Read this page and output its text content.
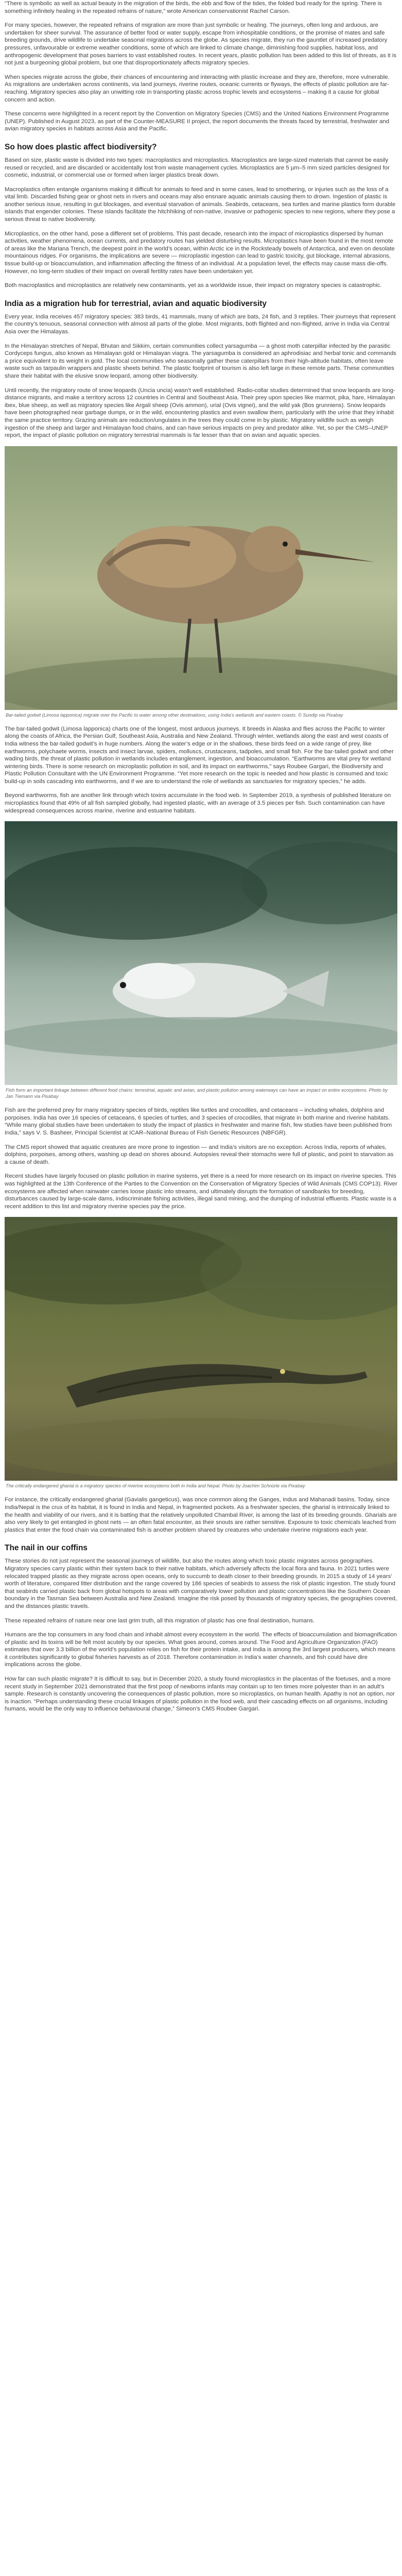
“There is symbolic as well as actual beauty in the migration of the birds, the ebb and flow of the tides, the folded bud ready for the spring. There is something infinitely healing in the repeated refrains of nature,” wrote American conservationist Rachel Carson.

For many species, however, the repeated refrains of migration are more than just symbolic or healing. The journeys, often long and arduous, are undertaken for sheer survival. The assurance of better food or water supply, escape from inhospitable conditions, or the promise of mates and safe breeding grounds, drive wildlife to undertake seasonal migrations across the globe. As species migrate, they run the gauntlet of increased predatory pressures, unfavourable or extreme weather conditions, some of which are linked to climate change, diminishing food supplies, habitat loss, and anthropogenic development that poses barriers to vast established routes. In recent years, plastic pollution has been added to this list of threats, as it is not just a burgeoning global problem, but one that disproportionately affects migratory species.

When species migrate across the globe, their chances of encountering and interacting with plastic increase and they are, therefore, more vulnerable. As migrations are undertaken across continents, via land journeys, riverine routes, oceanic currents or flyways, the effects of plastic pollution are far-reaching. Migratory species also play an unwitting role in transporting plastic across trophic levels and ecosystems – making it a cause for global concern and action.

These concerns were highlighted in a recent report by the Convention on Migratory Species (CMS) and the United Nations Environment Programme (UNEP). Published in August 2023, as part of the Counter-MEASURE II project, the report documents the threats faced by terrestrial, freshwater and avian migratory species in habitats across Asia and the Pacific.

So how does plastic affect biodiversity?

Based on size, plastic waste is divided into two types: macroplastics and microplastics. Macroplastics are large-sized materials that cannot be easily reused or recycled, and are discarded or accidentally lost from waste management cycles. Microplastics are 5 µm–5 mm sized particles designed for cosmetic, industrial, or commercial use or formed when larger plastics break down.

Macroplastics often entangle organisms making it difficult for animals to feed and in some cases, lead to smothering, or injuries such as the loss of a vital limb. Discarded fishing gear or ghost nets in rivers and oceans may also ensnare aquatic animals causing them to drown. Ingestion of plastic is another serious issue, resulting in gut blockages, and eventual starvation of animals. Seabirds, cetaceans, sea turtles and marine plastics form durable islands that engender colonies. These islands facilitate the hitchhiking of non-native, invasive or pathogenic species to new regions, where they pose a serious threat to native biodiversity.

Microplastics, on the other hand, pose a different set of problems. This past decade, research into the impact of microplastics dispersed by human activities, weather phenomena, ocean currents, and predatory routes has yielded disturbing results. Microplastics have been found in the most remote of areas like the Mariana Trench, the deepest point in the world’s ocean, within Arctic ice in the Rocksteady bowels of Antarctica, and even on desolate mountainous ridges. For organisms, the implications are severe — microplastic ingestion can lead to gastric toxicity, gut blockage, internal abrasions, tissue build-up or bioaccumulation, and inflammation affecting the fitness of an individual. At a population level, the effects may cause mass die-offs. However, no long-term studies of their impact on overall fertility rates have been undertaken yet.

Both macroplastics and microplastics are relatively new contaminants, yet as a worldwide issue, their impact on migratory species is catastrophic.

India as a migration hub for terrestrial, avian and aquatic biodiversity

Every year, India receives 457 migratory species: 383 birds, 41 mammals, many of which are bats, 24 fish, and 3 reptiles. Their journeys that represent the country’s tenuous, seasonal connection with almost all parts of the globe. Most migrants, both flighted and non-flighted, arrive in India via Central Asia over the Himalayas.

In the Himalayan stretches of Nepal, Bhutan and Sikkim, certain communities collect yarsagumba — a ghost moth caterpillar infected by the parasitic Cordyceps fungus, also known as Himalayan gold or Himalayan viagra. The yarsagumba is considered an aphrodisiac and herbal tonic and commands a price equivalent to its weight in gold. The local communities who seasonally gather these caterpillars from their high-altitude habitats, often leave waste such as tarpaulin wrappers and plastic sheets behind. The plastic footprint of tourism is also left large in these remote parts. These communities share their habitat with the elusive snow leopard, among other biodiversity.

Until recently, the migratory route of snow leopards (Uncia uncia) wasn’t well established. Radio-collar studies determined that snow leopards are long-distance migrants, and make a territory across 12 countries in Central and Southeast Asia. Their prey upon species like marmot, pika, hare, Himalayan ibex, blue sheep, as well as migratory species like Argali sheep (Ovis ammon), urial (Ovis vignei), and the wild yak (Bos grunniens). Snow leopards have been photographed near garbage dumps, or in the wild, encountering plastics and even swallow them, particularly with the urine that they inhabit the same practice territory. Grazing animals are reduction/ungulates in the trees they could come in by plastic. Migratory wildlife such as weigh ingestion of the sheep and larger and Himalayan food chains, and can have serious impacts on prey and predator alike. Yet, so per the CMS–UNEP report, the impact of plastic pollution on migratory terrestrial mammals is far lesser than that on avian and aquatic species.

Bar-tailed godwit (Limosa lapponica) migrate over the Pacific to water among other destinations, using India’s wetlands and eastern coasts. © Sundip via Pixabay

The bar-tailed godwit (Limosa lapponica) charts one of the longest, most arduous journeys. It breeds in Alaska and flies across the Pacific to winter along the coasts of Africa, the Persian Gulf, Southeast Asia, Australia and New Zealand. Through winter, wetlands along the east and west coasts of India witness the bar-tailed godwit’s in huge numbers. Along the water’s edge or in the shallows, these birds feed on a wide range of prey, like earthworms, polychaete worms, insects and insect larvae, spiders, molluscs, crustaceans, tadpoles, and small fish. For the bar-tailed godwit and other wading birds, the threat of plastic pollution in wetlands includes entanglement, ingestion, and bioaccumulation. “Earthworms are vital prey for wetland wintering birds. There is some research on microplastic pollution in soil, and its impact on earthworms,” says Roubee Gargari, the Biodiversity and Plastic Pollution Consultant with the UN Environment Programme. “Yet more research on the topic is needed and how plastic is consumed and toxic build-up in soils cascading into earthworms, and if we are to understand the role of wetlands as sanctuaries for migratory species,” he adds.

Beyond earthworms, fish are another link through which toxins accumulate in the food web. In September 2019, a synthesis of published literature on microplastics found that 49% of all fish sampled globally, had ingested plastic, with an average of 3.5 pieces per fish. Such contamination can have widespread consequences across marine, riverine and estuarine habitats.

Fish form an important linkage between different food chains: terrestrial, aquatic and avian, and plastic pollution among waterways can have an impact on entire ecosystems. Photo by Jan Tiemann via Pixabay

Fish are the preferred prey for many migratory species of birds, reptiles like turtles and crocodiles, and cetaceans – including whales, dolphins and porpoises. India has over 16 species of cetaceans, 6 species of turtles, and 3 species of crocodiles, that migrate in both marine and riverine habitats. “While many global studies have been undertaken to study the impact of plastics in freshwater and marine fish, few studies have been published from India,” says V. S. Basheer, Principal Scientist at ICAR–National Bureau of Fish Genetic Resources (NBFGR).

The CMS report showed that aquatic creatures are more prone to ingestion — and India’s visitors are no exception. Across India, reports of whales, dolphins, porpoises, among others, washing up dead on shores abound. Autopsies reveal their stomachs were full of plastic, and point to starvation as a cause of death.

Recent studies have largely focused on plastic pollution in marine systems, yet there is a need for more research on its impact on riverine species. This was highlighted at the 13th Conference of the Parties to the Convention on the Conservation of Migratory Species of Wild Animals (CMS COP13). River ecosystems are affected when rainwater carries loose plastic into streams, and ultimately disrupts the formation of sandbanks for breeding, disturbances caused by large-scale dams, indiscriminate fishing activities, illegal sand mining, and the dumping of industrial effluents. Plastic waste is a recent addition to this list and migratory riverine species pay the price.

The critically endangered gharial is a migratory species of riverine ecosystems both in India and Nepal. Photo by Joachim Schnürle via Pixabay

For instance, the critically endangered gharial (Gavialis gangeticus), was once common along the Ganges, Indus and Mahanadi basins. Today, since India/Nepal is the crux of its habitat, it is found in India and Nepal, in fragmented pockets. As a freshwater species, the gharial is intrinsically linked to the health and viability of our rivers, and it is batting that the relatively unpolluted Chambal River, is among the last of its breeding grounds. Gharials are also very likely to get entangled in ghost nets — an often fatal encounter, as their snouts are rather sensitive. Exposure to toxic chemicals leached from plastics that enter the food chain via contaminated fish is another problem shared by creatures who undertake riverine migrations each year.

The nail in our coffins

These stories do not just represent the seasonal journeys of wildlife, but also the routes along which toxic plastic migrates across geographies. Migratory species carry plastic within their system back to their native habitats, which adversely affects the local flora and fauna. In 2021 turtles were relocated trapped plastic as they migrate across open oceans, only to succumb to death closer to their breeding grounds. In 2015 a study of 14 years’ worth of literature, compared litter distribution and the range covered by 186 species of seabirds to assess the risk of plastic ingestion. The study found that seabirds carried plastic back from global hotspots to areas with comparatively lower pollution and plastic concentrations like the Southern Ocean boundary in the Tasman Sea between Australia and New Zealand. Imagine the risk posed by thousands of migratory species, the geographies covered, and the distances plastic travels.

These repeated refrains of nature near one last grim truth, all this migration of plastic has one final destination, humans.

Humans are the top consumers in any food chain and inhabit almost every ecosystem in the world. The effects of bioaccumulation and biomagnification of plastic and its toxins will be felt most acutely by our species. What goes around, comes around. The Food and Agriculture Organization (FAO) estimates that over 3.3 billion of the world’s population relies on fish for their protein intake, and India is among the 3rd largest producers, which means it contributes significantly to global fisheries harvests as of 2018. Therefore contamination in India’s water channels, and fish could have dire implications across the globe.

How far can such plastic migrate? It is difficult to say, but in December 2020, a study found microplastics in the placentas of the foetuses, and a more recent study in September 2021 demonstrated that the first poop of newborns infants may contain up to ten times more polyester than in an adult’s sample. Research is constantly uncovering the consequences of plastic pollution, more so microplastics, on human health. Apathy is not an option, nor is inaction. “Perhaps understanding these crucial linkages of plastic pollution in the food web, and their cascading effects on all organisms, including humans, would be the only way to influence behavioural change,” Simeon’s CMS Roubee Gargari.
